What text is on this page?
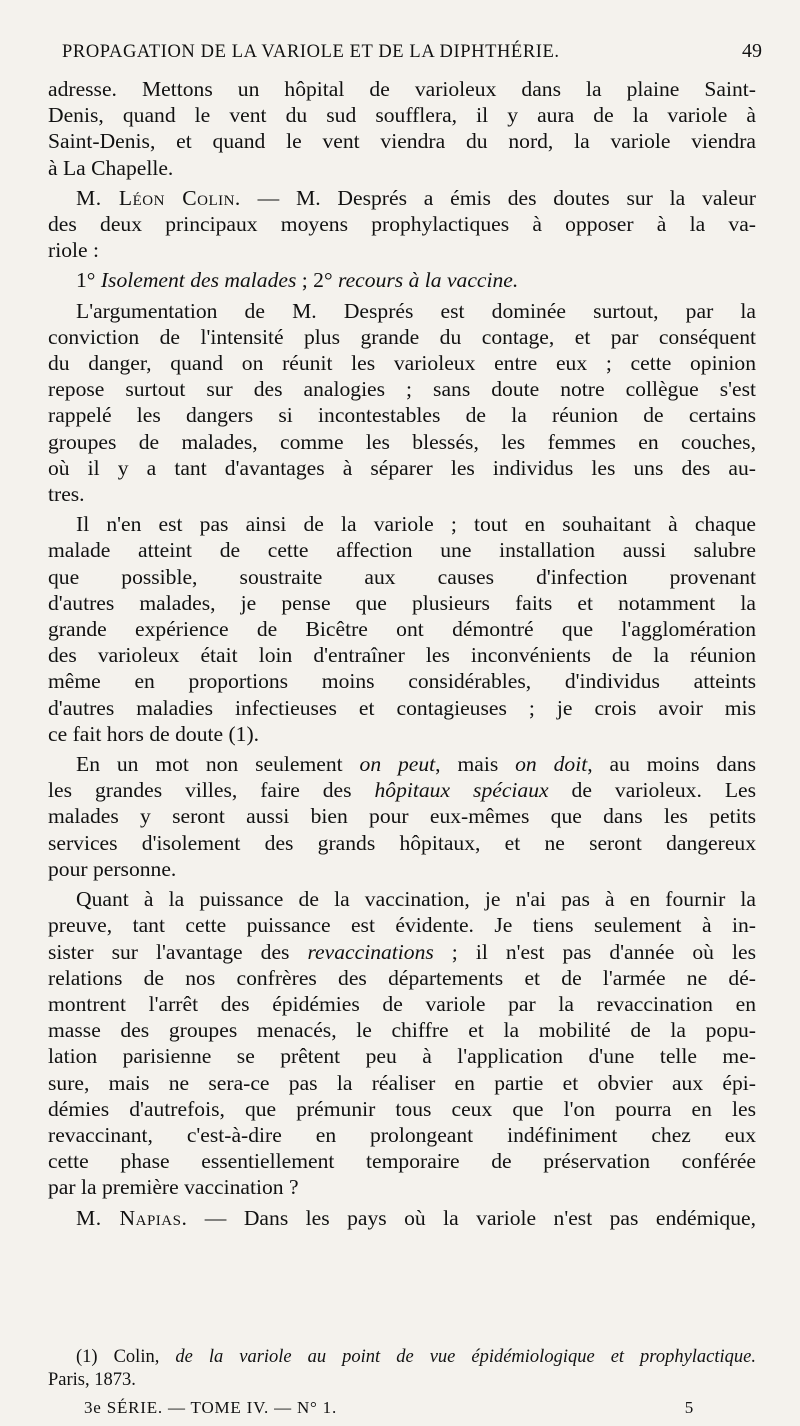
PROPAGATION DE LA VARIOLE ET DE LA DIPHTHÉRIE.	49

adresse. Mettons un hôpital de varioleux dans la plaine Saint-
Denis, quand le vent du sud soufflera, il y aura de la variole à
Saint-Denis, et quand le vent viendra du nord, la variole viendra
à La Chapelle.

M. Léon Colin. — M. Després a émis des doutes sur la valeur
des deux principaux moyens prophylactiques à opposer à la va-
riole :

1° Isolement des malades ; 2° recours à la vaccine.

L'argumentation de M. Després est dominée surtout, par la
conviction de l'intensité plus grande du contage, et par conséquent
du danger, quand on réunit les varioleux entre eux ; cette opinion
repose surtout sur des analogies ; sans doute notre collègue s'est
rappelé les dangers si incontestables de la réunion de certains
groupes de malades, comme les blessés, les femmes en couches,
où il y a tant d'avantages à séparer les individus les uns des au-
tres.

Il n'en est pas ainsi de la variole ; tout en souhaitant à chaque
malade atteint de cette affection une installation aussi salubre
que possible, soustraite aux causes d'infection provenant
d'autres malades, je pense que plusieurs faits et notamment la
grande expérience de Bicêtre ont démontré que l'agglomération
des varioleux était loin d'entraîner les inconvénients de la réunion
même en proportions moins considérables, d'individus atteints
d'autres maladies infectieuses et contagieuses ; je crois avoir mis
ce fait hors de doute (1).

En un mot non seulement on peut, mais on doit, au moins dans
les grandes villes, faire des hôpitaux spéciaux de varioleux. Les
malades y seront aussi bien pour eux-mêmes que dans les petits
services d'isolement des grands hôpitaux, et ne seront dangereux
pour personne.

Quant à la puissance de la vaccination, je n'ai pas à en fournir la
preuve, tant cette puissance est évidente. Je tiens seulement à in-
sister sur l'avantage des revaccinations ; il n'est pas d'année où les
relations de nos confrères des départements et de l'armée ne dé-
montrent l'arrêt des épidémies de variole par la revaccination en
masse des groupes menacés, le chiffre et la mobilité de la popu-
lation parisienne se prêtent peu à l'application d'une telle me-
sure, mais ne sera-ce pas la réaliser en partie et obvier aux épi-
démies d'autrefois, que prémunir tous ceux que l'on pourra en les
revaccinant, c'est-à-dire en prolongeant indéfiniment chez eux
cette phase essentiellement temporaire de préservation conférée
par la première vaccination ?

M. Napias. — Dans les pays où la variole n'est pas endémique,

(1) Colin, de la variole au point de vue épidémiologique et prophylactique.
Paris, 1873.
3e SÉRIE. — TOME IV. — N° 1.	5
